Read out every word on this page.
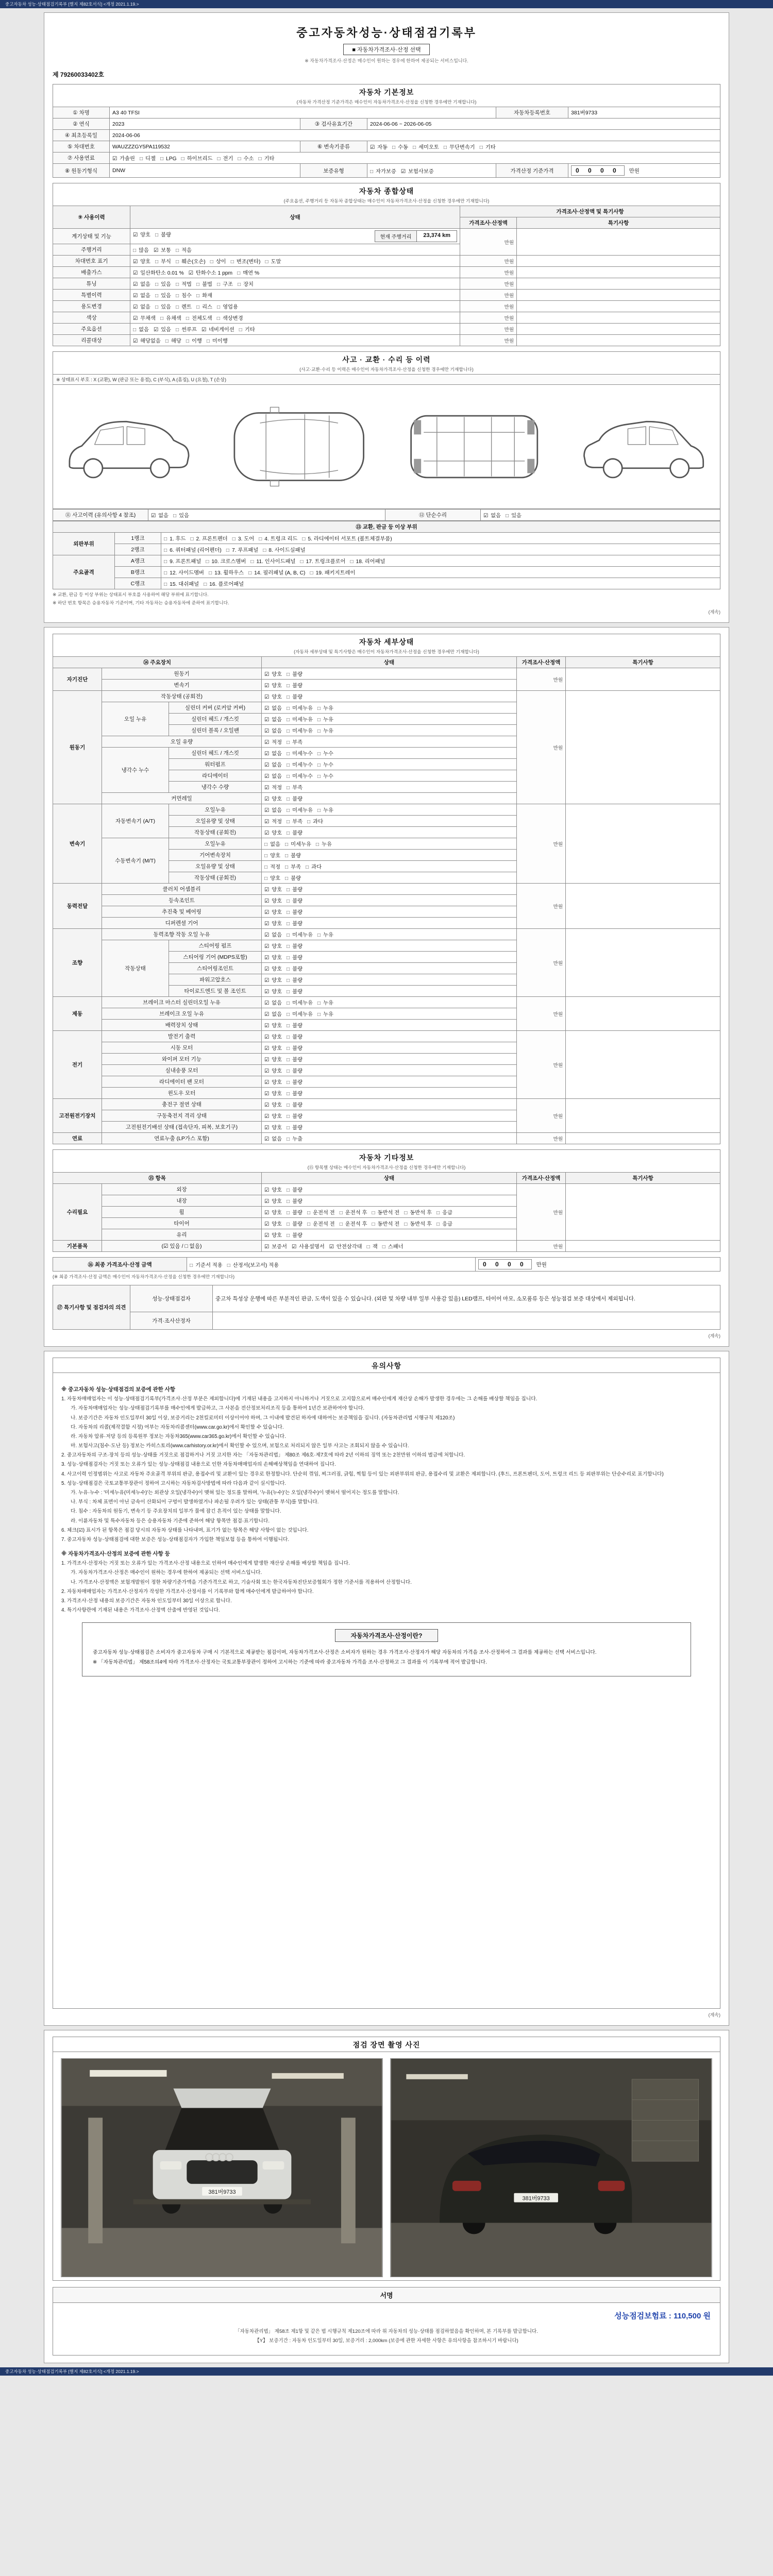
중고자동차 성능·상태점검기록부 [별지 제82호서식] <개정 2021.1.19.>
중고자동차성능·상태점검기록부
■ 자동차가격조사·산정 선택
※ 자동차가격조사·산정은 매수인이 원하는 경우에 한하여 제공되는 서비스입니다.
제 79260033402호
자동차 기본정보
(자동차 가격산정 기준가격은 매수인이 자동차가격조사·산정을 신청한 경우에만 기재합니다)
① 차명	A3 40 TFSI			자동차등록번호	381버9733
② 연식	2023	③ 검사유효기간	2024-06-06 ~ 2026-06-05		
④ 최초등록일	2024-06-06				
⑤ 차대번호	WAUZZZGY5PA119532	⑥ 변속기종류	☑ 자동 □ 수동 □ 세미오토 □ 무단변속기 □ 기타		
⑦ 사용연료	☑ 가솔린 □ 디젤 □ LPG □ 하이브리드 □ 전기 □ 수소 □ 기타				
⑧ 원동기형식	DNW	보증유형	□ 자가보증 ☑ 보험사보증	가격산정 기준가격	0 0 0 0 만원
자동차 종합상태
(주요옵션, 주행거리 등 자동차 종합상태는 매수인이 자동차가격조사·산정을 신청한 경우에만 기재합니다)
⑨ 사용이력	상태	가격조사·산정액 및 특기사항	
		가격조사·산정액	특기사항
계기상태 및 기능	현재 주행거리 23,374 km
☑ 양호 □ 불량	만원	
주행거리	□ 많음 ☑ 보통 □ 적음		
차대번호 표기	☑ 양호 □ 부식 □ 훼손(오손) □ 상이 □ 변조(변타) □ 도말	만원	
배출가스	☑ 일산화탄소 0.01 % ☑ 탄화수소 1 ppm □ 매연 %	만원	
튜닝	☑ 없음 □ 있음 □ 적법 □ 불법 □ 구조 □ 장치	만원	
특별이력	☑ 없음 □ 있음 □ 침수 □ 화재	만원	
용도변경	☑ 없음 □ 있음 □ 렌트 □ 리스 □ 영업용	만원	
색상	☑ 무채색 □ 유채색 □ 전체도색 □ 색상변경	만원	
주요옵션	□ 없음 ☑ 있음 □ 썬루프 ☑ 네비게이션 □ 기타	만원	
리콜대상	☑ 해당없음 □ 해당 □ 이행 □ 미이행	만원	
사고 · 교환 · 수리 등 이력
(사고·교환·수리 등 이력은 매수인이 자동차가격조사·산정을 신청한 경우에만 기재합니다)
※ 상태표시 부호 : X (교환), W (판금 또는 용접), C (부식), A (흠집), U (요철), T (손상)

⑪ 사고이력 (유의사항 4 참조)	☑ 없음 □ 있음	⑫ 단순수리	☑ 없음 □ 있음
⑬ 교환, 판금 등 이상 부위		
외판부위	1랭크	□ 1. 후드 □ 2. 프론트펜더 □ 3. 도어 □ 4. 트렁크 리드 □ 5. 라디에이터 서포트 (볼트체결부품)
	2랭크	□ 6. 쿼터패널 (리어펜더) □ 7. 루프패널 □ 8. 사이드실패널
주요골격	A랭크	□ 9. 프론트패널 □ 10. 크로스멤버 □ 11. 인사이드패널 □ 17. 트렁크플로어 □ 18. 리어패널
	B랭크	□ 12. 사이드멤버 □ 13. 휠하우스 □ 14. 필러패널 (A, B, C) □ 19. 패키지트레이
	C랭크	□ 15. 대쉬패널 □ 16. 플로어패널
※ 교환, 판금 등 이상 부위는 상태표시 부호를 사용하여 해당 부위에 표기합니다.
※ 하단 번호 항목은 승용자동차 기준이며, 기타 자동차는 승용자동차에 준하여 표기합니다.
(계속)
자동차 세부상태
(자동차 세부상태 및 특기사항은 매수인이 자동차가격조사·산정을 신청한 경우에만 기재합니다)
⑭ 주요장치			상태	가격조사·산정액	특기사항
자기진단	원동기		☑ 양호 □ 불량	만원	
	변속기		☑ 양호 □ 불량		
원동기	작동상태 (공회전)		☑ 양호 □ 불량	만원	
	오일 누유	실린더 커버 (로커암 커버)	☑ 없음 □ 미세누유 □ 누유		
		실린더 헤드 / 개스킷	☑ 없음 □ 미세누유 □ 누유		
		실린더 블록 / 오일팬	☑ 없음 □ 미세누유 □ 누유		
	오일 유량		☑ 적정 □ 부족		
	냉각수 누수	실린더 헤드 / 개스킷	☑ 없음 □ 미세누수 □ 누수		
		워터펌프	☑ 없음 □ 미세누수 □ 누수		
		라디에이터	☑ 없음 □ 미세누수 □ 누수		
		냉각수 수량	☑ 적정 □ 부족		
	커먼레일		☑ 양호 □ 불량		
변속기	자동변속기 (A/T)	오일누유	☑ 없음 □ 미세누유 □ 누유	만원	
		오일유량 및 상태	☑ 적정 □ 부족 □ 과다		
		작동상태 (공회전)	☑ 양호 □ 불량		
	수동변속기 (M/T)	오일누유	□ 없음 □ 미세누유 □ 누유		
		기어변속장치	□ 양호 □ 불량		
		오일유량 및 상태	□ 적정 □ 부족 □ 과다		
		작동상태 (공회전)	□ 양호 □ 불량		
동력전달	클러치 어셈블리		☑ 양호 □ 불량	만원	
	등속조인트		☑ 양호 □ 불량		
	추진축 및 베어링		☑ 양호 □ 불량		
	디퍼렌셜 기어		☑ 양호 □ 불량		
조향	동력조향 작동 오일 누유		☑ 없음 □ 미세누유 □ 누유	만원	
	작동상태	스티어링 펌프	☑ 양호 □ 불량		
		스티어링 기어 (MDPS포함)	☑ 양호 □ 불량		
		스티어링조인트	☑ 양호 □ 불량		
		파워고압호스	☑ 양호 □ 불량		
		타이로드엔드 및 볼 조인트	☑ 양호 □ 불량		
제동	브레이크 마스터 실린더오일 누유		☑ 없음 □ 미세누유 □ 누유	만원	
	브레이크 오일 누유		☑ 없음 □ 미세누유 □ 누유		
	배력장치 상태		☑ 양호 □ 불량		
전기	발전기 출력		☑ 양호 □ 불량	만원	
	시동 모터		☑ 양호 □ 불량		
	와이퍼 모터 기능		☑ 양호 □ 불량		
	실내송풍 모터		☑ 양호 □ 불량		
	라디에이터 팬 모터		☑ 양호 □ 불량		
	윈도우 모터		☑ 양호 □ 불량		
고전원전기장치	충전구 절연 상태		☑ 양호 □ 불량	만원	
	구동축전지 격리 상태		☑ 양호 □ 불량		
	고전원전기배선 상태 (접속단자, 피복, 보호기구)		☑ 양호 □ 불량		
연료	연료누출 (LP가스 포함)		☑ 없음 □ 누출	만원	
자동차 기타정보
(⑮ 항목별 상태는 매수인이 자동차가격조사·산정을 신청한 경우에만 기재합니다)
⑮ 항목		상태	가격조사·산정액	특기사항
수리필요	외장	☑ 양호 □ 불량	만원	
	내장	☑ 양호 □ 불량		
	휠	☑ 양호 □ 불량 □ 운전석 전 □ 운전석 후 □ 동반석 전 □ 동반석 후 □ 응급		
	타이어	☑ 양호 □ 불량 □ 운전석 전 □ 운전석 후 □ 동반석 전 □ 동반석 후 □ 응급		
	유리	☑ 양호 □ 불량		
기본품목	(☑ 있음 / □ 없음)	☑ 보증서 ☑ 사용설명서 ☑ 안전삼각대 □ 잭 □ 스패너	만원	
⑯ 최종 가격조사·산정 금액	□ 기준서 적용 □ 산정서(보고서) 적용	0 0 0 0 만원
(※ 최종 가격조사·산정 금액은 매수인이 자동차가격조사·산정을 신청한 경우에만 기재합니다)
⑰ 특기사항 및 점검자의 의견	성능·상태점검자	중고차 특성상 운행에 따른 부분적인 판금, 도색이 있을 수 있습니다. (외판 및 차량 내부 일부 사용감 있음) LED램프, 타이어 마모, 소모품류 등은 성능점검 보증 대상에서 제외됩니다.
	가격·조사산정자	
(계속)
유의사항
※ 중고자동차 성능·상태점검의 보증에 관한 사항
1. 자동차매매업자는 이 성능·상태점검기록부(가격조사·산정 부분은 제외합니다)에 기재된 내용을 고지하지 아니하거나 거짓으로 고지함으로써 매수인에게 재산상 손해가 발생한 경우에는 그 손해를 배상할 책임을 집니다.
가. 자동차매매업자는 성능·상태점검기록부를 매수인에게 발급하고, 그 사본을 전산정보처리조직 등을 통하여 1년간 보관하여야 합니다.
나. 보증기간은 자동차 인도일부터 30일 이상, 보증거리는 2천킬로미터 이상이어야 하며, 그 이내에 발견된 하자에 대하여는 보증책임을 집니다. (자동차관리법 시행규칙 제120조)
다. 자동차의 리콜(제작결함 시정) 여부는 자동차리콜센터(www.car.go.kr)에서 확인할 수 있습니다.
라. 자동차 압류·저당 등의 등록원부 정보는 자동차365(www.car365.go.kr)에서 확인할 수 있습니다.
마. 보험사고(침수·도난 등) 정보는 카히스토리(www.carhistory.or.kr)에서 확인할 수 있으며, 보험으로 처리되지 않은 일부 사고는 조회되지 않을 수 있습니다.
2. 중고자동차의 구조·장치 등의 성능·상태를 거짓으로 점검하거나 거짓 고지한 자는 「자동차관리법」 제80조 제6호·제7호에 따라 2년 이하의 징역 또는 2천만원 이하의 벌금에 처합니다.
3. 성능·상태점검자는 거짓 또는 오류가 있는 성능·상태점검 내용으로 인한 자동차매매업자의 손해배상책임을 연대하여 집니다.
4. 사고이력 인정범위는 사고로 자동차 주요골격 부위의 판금, 용접수리 및 교환이 있는 경우로 한정합니다. 단순히 꺾임, 찌그러짐, 긁힘, 찍힘 등이 있는 외판부위의 판금, 용접수리 및 교환은 제외합니다. (후드, 프론트펜더, 도어, 트렁크 리드 등 외판부위는 단순수리로 표기합니다)
5. 성능·상태점검은 국토교통부장관이 정하여 고시하는 자동차검사방법에 따라 다음과 같이 실시합니다.
가. 누유·누수 : '미세누유(미세누수)'는 외관상 오일(냉각수)이 맺혀 있는 정도를 말하며, '누유(누수)'는 오일(냉각수)이 맺혀서 떨어지는 정도를 말합니다.
나. 부식 : 차체 표면이 아닌 금속이 산화되어 구멍이 발생하였거나 파손될 우려가 있는 상태(관통 부식)를 말합니다.
다. 침수 : 자동차의 원동기, 변속기 등 주요장치의 일부가 물에 잠긴 흔적이 있는 상태를 말합니다.
라. 이륜자동차 및 특수자동차 등은 승용자동차 기준에 준하여 해당 항목만 점검·표기합니다.
6. 체크(☑) 표시가 된 항목은 점검 당시의 자동차 상태를 나타내며, 표기가 없는 항목은 해당 사항이 없는 것입니다.
7. 중고자동차 성능·상태점검에 대한 보증은 성능·상태점검자가 가입한 책임보험 등을 통하여 이행됩니다.
※ 자동차가격조사·산정의 보증에 관한 사항 등
1. 가격조사·산정자는 거짓 또는 오류가 있는 가격조사·산정 내용으로 인하여 매수인에게 발생한 재산상 손해를 배상할 책임을 집니다.
가. 자동차가격조사·산정은 매수인이 원하는 경우에 한하여 제공되는 선택 서비스입니다.
나. 가격조사·산정액은 보험개발원이 정한 차량기준가액을 기준가격으로 하고, 기술사회 또는 한국자동차진단보증협회가 정한 기준서를 적용하여 산정합니다.
2. 자동차매매업자는 가격조사·산정자가 작성한 가격조사·산정서를 이 기록부와 함께 매수인에게 발급하여야 합니다.
3. 가격조사·산정 내용의 보증기간은 자동차 인도일부터 30일 이상으로 합니다.
4. 특기사항란에 기재된 내용은 가격조사·산정액 산출에 반영된 것입니다.
자동차가격조사·산정이란?

중고자동차 성능·상태점검은 소비자가 중고자동차 구매 시 기본적으로 제공받는 점검이며, 자동차가격조사·산정은 소비자가 원하는 경우 가격조사·산정자가 해당 자동차의 가격을 조사·산정하여 그 결과를 제공하는 선택 서비스입니다.

※ 「자동차관리법」 제58조의4에 따라 가격조사·산정자는 국토교통부장관이 정하여 고시하는 기준에 따라 중고자동차 가격을 조사·산정하고 그 결과를 이 기록부에 적어 발급합니다.

(계속)
점검 장면 촬영 사진
381버9733
381버9733
서명
성능점검보험료 : 110,500 원
「자동차관리법」 제58조 제1항 및 같은 법 시행규칙 제120조에 따라 위 자동차의 성능·상태를 점검하였음을 확인하며, 본 기록부를 발급합니다.
【Y】 보증기간 : 자동차 인도일부터 30일, 보증거리 : 2,000km (보증에 관한 자세한 사항은 유의사항을 참조하시기 바랍니다)
중고자동차 성능·상태점검기록부 [별지 제82호서식] <개정 2021.1.19.>
